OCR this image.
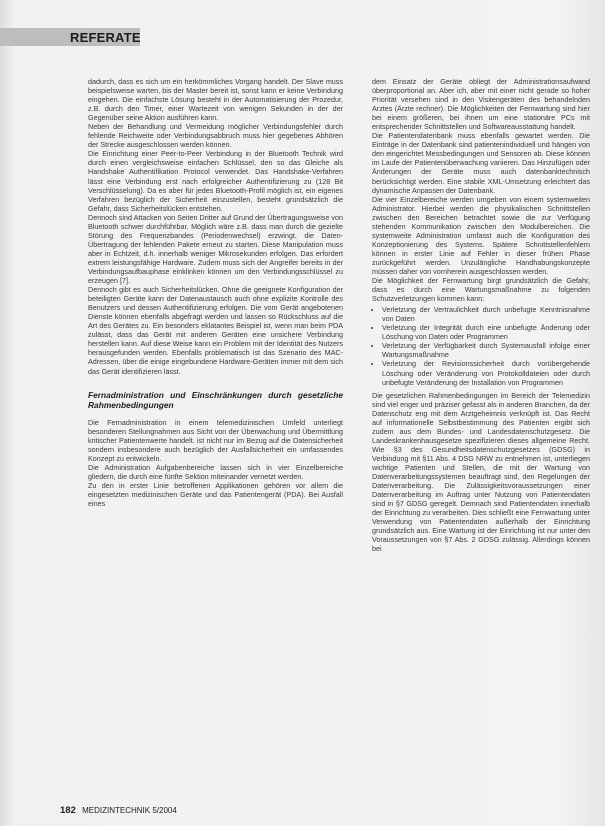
REFERATE

dadurch, dass es sich um ein herkömmliches Vorgang handelt. Der Slave muss beispielsweise warten, bis der Master bereit ist, sonst kann er keine Verbindung eingehen. Die einfachste Lösung besteht in der Automatisierung der Prozedur, z.B. durch den Timer, einer Wartezeit von wenigen Sekunden in der der Gegenüber seine Aktion ausführen kann.

Neben der Behandlung und Vermeidung möglicher Verbindungsfehler durch fehlende Reichweite oder Verbindungsabbruch muss hier gegebenes Abhören der Strecke ausgeschlossen werden können.

Die Einrichtung einer Peer-to-Peer Verbindung in der Bluetooth Technik wird durch einen vergleichsweise einfachen Schlüssel, den so das Gleiche als Handshake Authentifikation Protocol verwendet. Das Handshake-Verfahren lässt eine Verbindung erst nach erfolgreicher Authentifizierung zu (128 Bit Verschlüsselung). Da es aber für jedes Bluetooth-Profil möglich ist, ein eigenes Verfahren bezüglich der Sicherheit einzustellen, besteht grundsätzlich die Gefahr, dass Sicherheitslücken entstehen.

Dennoch sind Attacken von Seiten Dritter auf Grund der Übertragungsweise von Bluetooth schwer durchführbar. Möglich wäre z.B. dass man durch die gezielte Störung des Frequenzbandes (Periodenwechsel) erzwingt, die Daten-Übertragung der fehlenden Pakete erneut zu starten. Diese Manipulation muss aber in Echtzeit, d.h. innerhalb weniger Mikrosekunden erfolgen. Das erfordert extrem leistungsfähige Hardware. Zudem muss sich der Angreifer bereits in der Verbindungsaufbauphase einklinken können um den Verbindungsschlüssel zu erzeugen [7].

Dennoch gibt es auch Sicherheitslücken. Ohne die geeignete Konfiguration der beteiligten Geräte kann der Datenaustausch auch ohne explizite Kontrolle des Benutzers und dessen Authentifizierung erfolgen. Die vom Gerät angebotenen Dienste können ebenfalls abgefragt werden und lassen so Rückschluss auf die Art des Gerätes zu. Ein besonders eklatantes Beispiel ist, wenn man beim PDA zulässt, dass das Gerät mit anderen Geräten eine unsichere Verbindung herstellen kann. Auf diese Weise kann ein Problem mit der Identität des Nutzers herausgefunden werden. Ebenfalls problematisch ist das Szenario des MAC-Adressen, über die einige eingebundene Hardware-Geräten immer mit dem sich das Gerät identifizieren lässt.

Fernadministration und Einschränkungen durch gesetzliche Rahmenbedingungen

Die Fernadministration in einem telemedizinischen Umfeld unterliegt besonderen Stellungnahmen aus Sicht von der Überwachung und Übermittlung kritischer Patientenwerte handelt. ist nicht nur im Bezug auf die Datensicherheit sondern insbesondere auch bezüglich der Ausfallsicherheit ein umfassendes Konzept zu entwickeln.

Die Administration Aufgabenbereiche lassen sich in vier Einzelbereiche gliedern, die durch eine fünfte Sektion miteinander vernetzt werden.

Zu den in erster Linie betroffenen Applikationen gehören vor allem die eingesetzten medizinischen Geräte und das Patientengerät (PDA). Bei Ausfall eines

dem Einsatz der Geräte obliegt der Administrationsaufwand überproportional an. Aber ich, aber mit einer nicht gerade so hoher Priorität versehen sind in den Visitengeräten des behandelnden Arztes (Ärzte rechner). Die Möglichkeiten der Fernwartung sind hier bei einem größeren, bei ihnen um eine stationäre PCs mit entsprechender Schnittstellen und Softwareausstattung handelt.

Die Patientendatenbank muss ebenfalls gewartet werden. Die Einträge in der Datenbank sind patientenindividuell und hängen von den eingerichtet Messbedingungen und Sensoren ab. Diese können im Laufe der Patientenüberwachung variieren. Das Hinzufügen oder Änderungen der Geräte muss auch datenbanktechnisch berücksichtigt werden. Eine stabile XML-Umsetzung erleichtert das dynamische Anpassen der Datenbank.

Die vier Einzelbereiche werden umgeben von einem systemweiten Administrator. Hierbei werden die physikalischen Schnittstellen zwischen den Bereichen betrachtet sowie die zur Verfügung stehenden Kommunikation zwischen den Modulbereichen. Die systemweite Administration umfasst auch die Konfiguration des Konzeptionierung des Systems. Spätere Schnittstellenfehlern können in erster Linie auf Fehler in dieser frühen Phase zurückgeführt werden. Unzulängliche Handhabungskonzepte müssen daher von vornherein ausgeschlossen werden.

Die Möglichkeit der Fernwartung birgt grundsätzlich die Gefahr, dass es durch eine Wartungsmaßnahme zu folgenden Schutzverletzungen kommen kann:

• Verletzung der Vertraulichkeit durch unbefugte Kenntnisnahme von Daten
• Verletzung der Integrität durch eine unbefugte Änderung oder Löschung von Daten oder Programmen
• Verletzung der Verfügbarkeit durch Systemausfall infolge einer Wartungsmaßnahme
• Verletzung der Revisionssicherheit durch vorübergehende Löschung oder Veränderung von Protokolldateien oder durch unbefugte Veränderung der Installation von Programmen

Die gesetzlichen Rahmenbedingungen im Bereich der Telemedizin sind viel enger und präziser gefasst als in anderen Branchen, da der Datenschutz eng mit dem Arztgeheimnis verknüpft ist. Das Recht auf informationelle Selbstbestimmung des Patienten ergibt sich zudem aus dem Bundes- und Landesdatenschutzgesetz. Die Landeskrankenhausgesetze spezifizieren dieses allgemeine Recht. Wie §3 des Gesundheitsdatenschutzgesetzes (GDSG) in Verbindung mit §11 Abs. 4 DSG NRW zu entnehmen ist, unterliegen wichtige Patienten und Stellen, die mit der Wartung von Datenverarbeitungssystemen beauftragt sind, den Regelungen der Datenverarbeitung. Die Zulässigkeitsvoraussetzungen einer Datenverarbeitung im Auftrag unter Nutzung von Patientendaten sind in §7 GDSG geregelt. Demnach sind Patientendaten innerhalb der Einrichtung zu verarbeiten. Dies schließt eine Fernwartung unter Verwendung von Patientendaten außerhalb der Einrichtung grundsätzlich aus. Eine Wartung ist der Einrichtung ist nur unter den Voraussetzungen von §7 Abs. 2 GDSG zulässig. Allerdings können bei

182 MEDIZINTECHNIK 5/2004
